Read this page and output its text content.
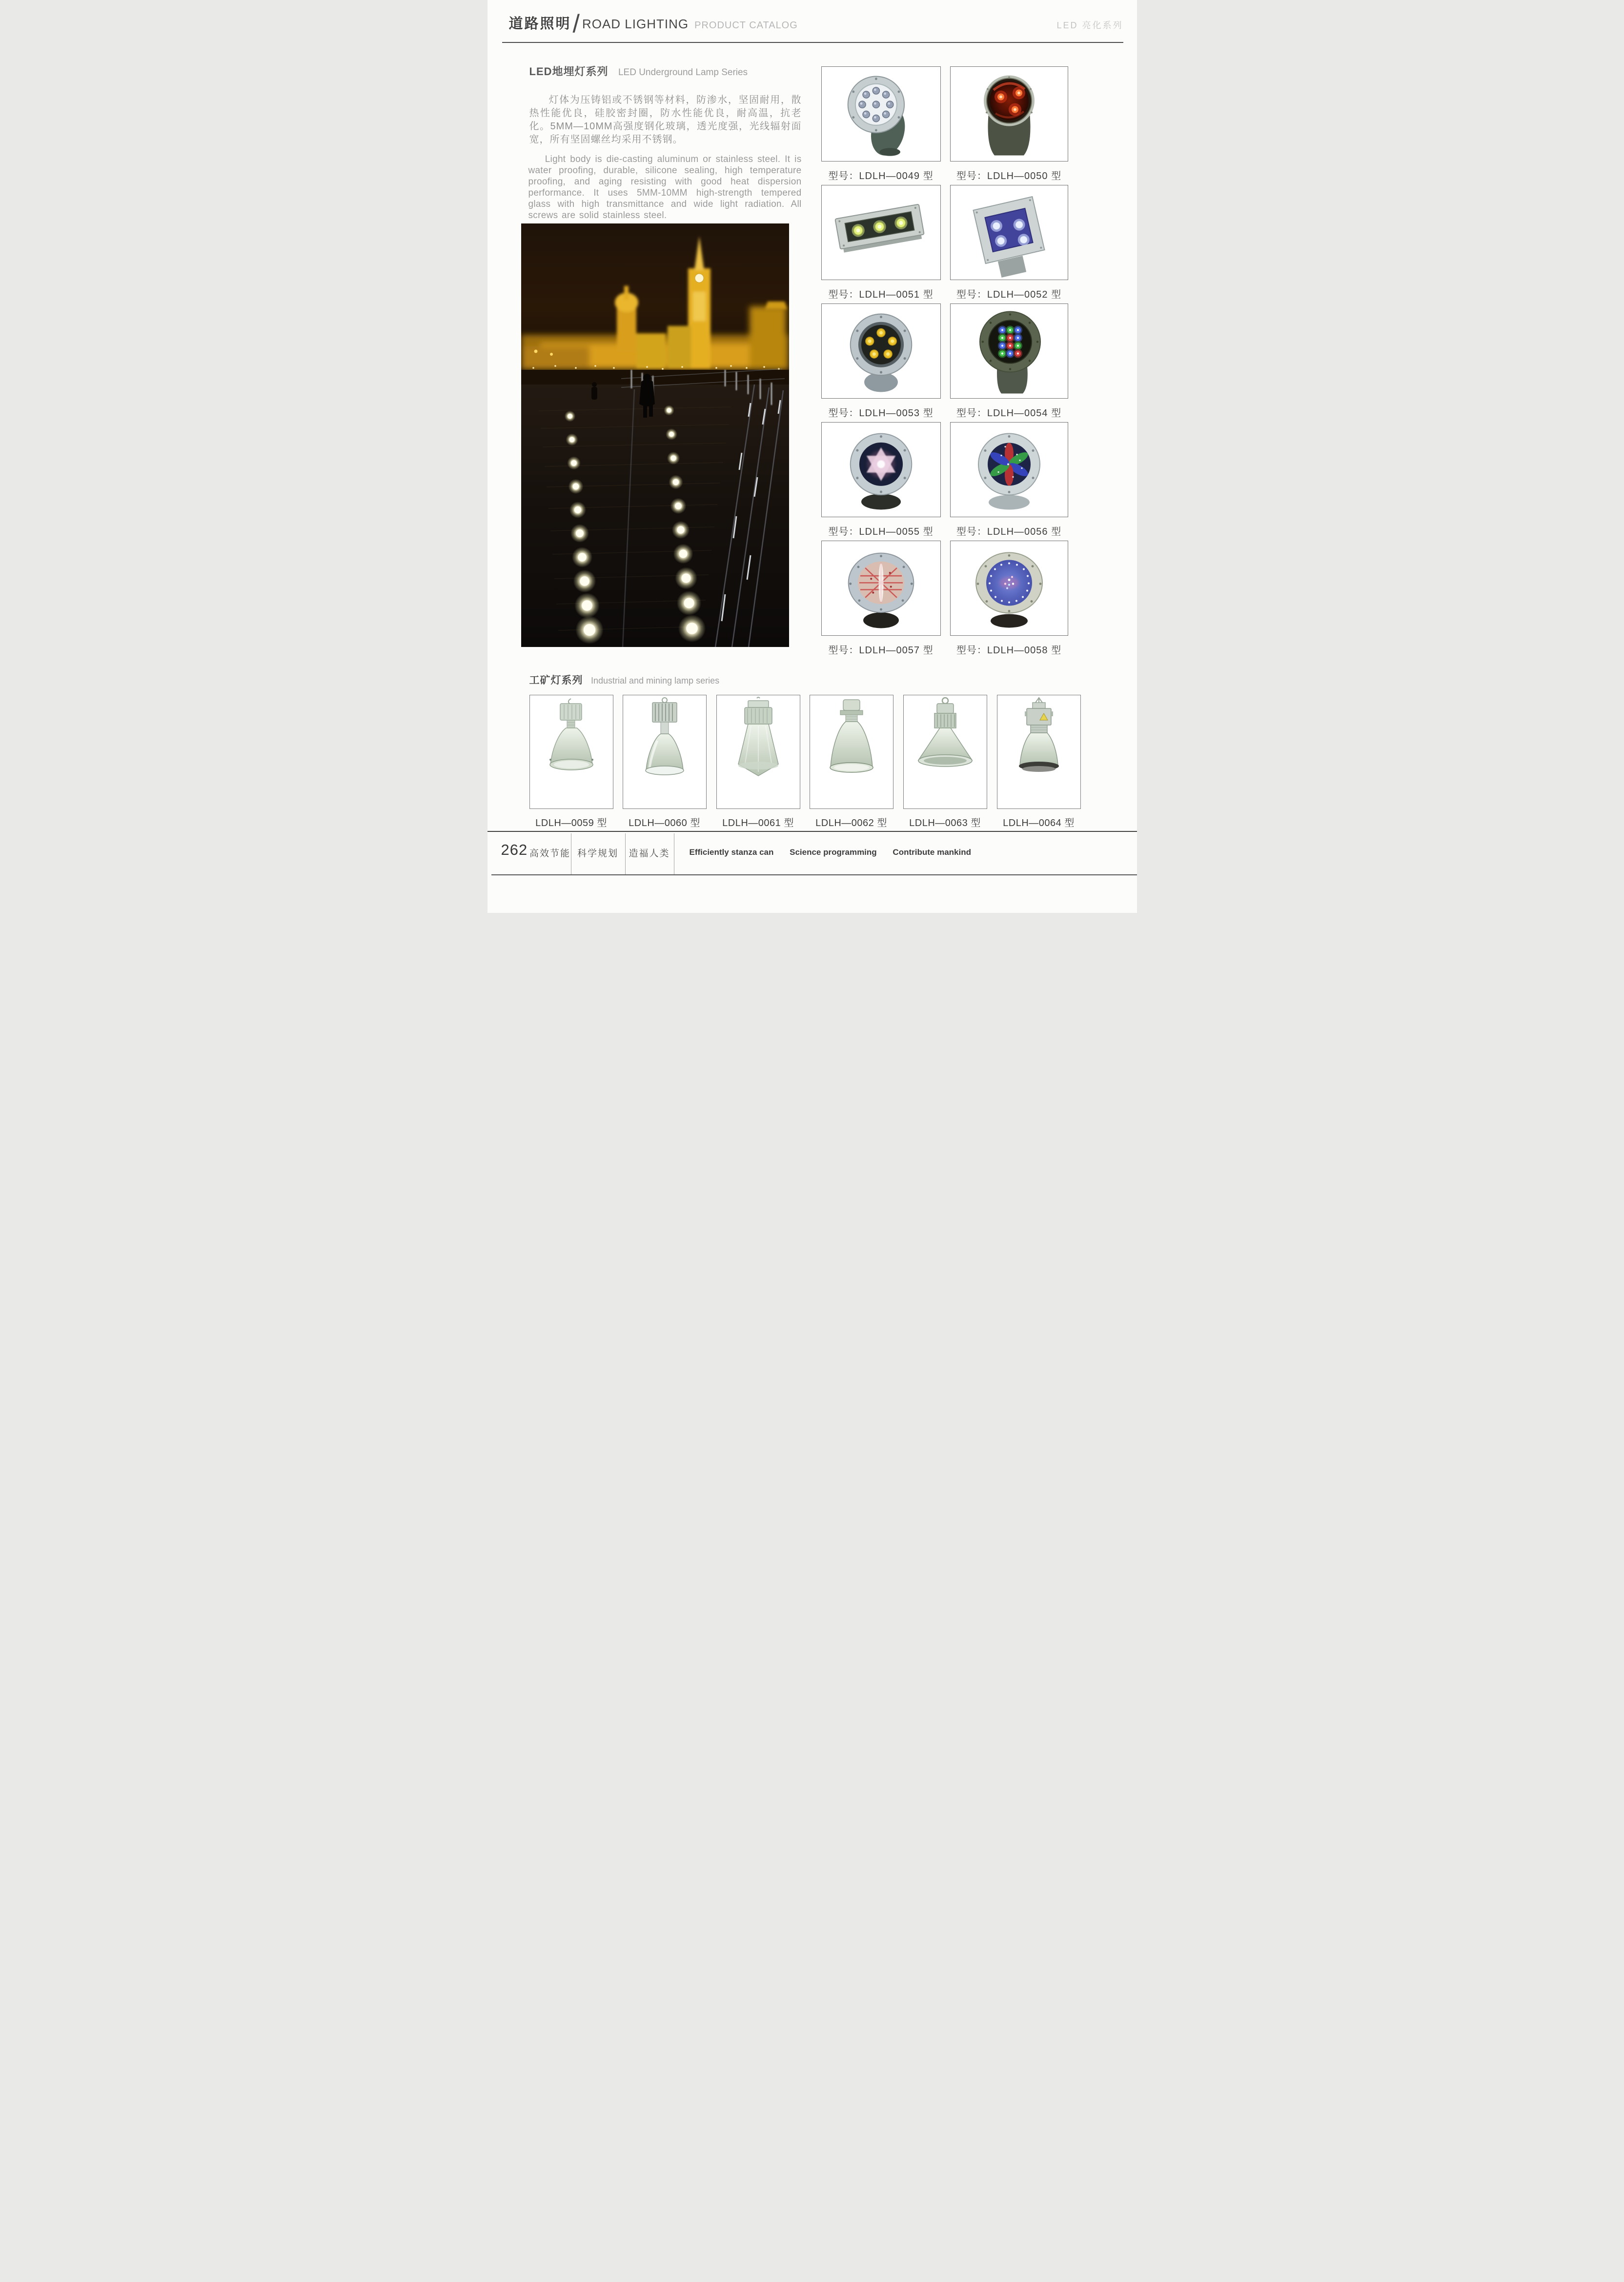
道路照明 / ROAD LIGHTING PRODUCT CATALOG	LED 亮化系列
LED地埋灯系列 LED Underground Lamp Series

灯体为压铸铝或不锈钢等材料，防渗水，坚固耐用，散热性能优良，硅胶密封圈，防水性能优良，耐高温，抗老化。5MM—10MM高强度钢化玻璃，透光度强，光线辐射面宽，所有坚固螺丝均采用不锈钢。

Light body is die-casting aluminum or stainless steel. It is water proofing, durable, silicone sealing, high temperature proofing, and aging resisting with good heat dispersion performance. It uses 5MM-10MM high-strength tempered glass with high transmittance and wide light radiation. All screws are solid stainless steel.

型号：LDLH—0049 型	型号：LDLH—0050 型
型号：LDLH—0051 型	型号：LDLH—0052 型
型号：LDLH—0053 型	型号：LDLH—0054 型
型号：LDLH—0055 型	型号：LDLH—0056 型
型号：LDLH—0057 型	型号：LDLH—0058 型
工矿灯系列 Industrial and mining lamp series
LDLH—0059 型	LDLH—0060 型	LDLH—0061 型	LDLH—0062 型	LDLH—0063 型	LDLH—0064 型
262 高效节能 科学规划	造福人类	Efficiently stanza can Science programming Contribute mankind
